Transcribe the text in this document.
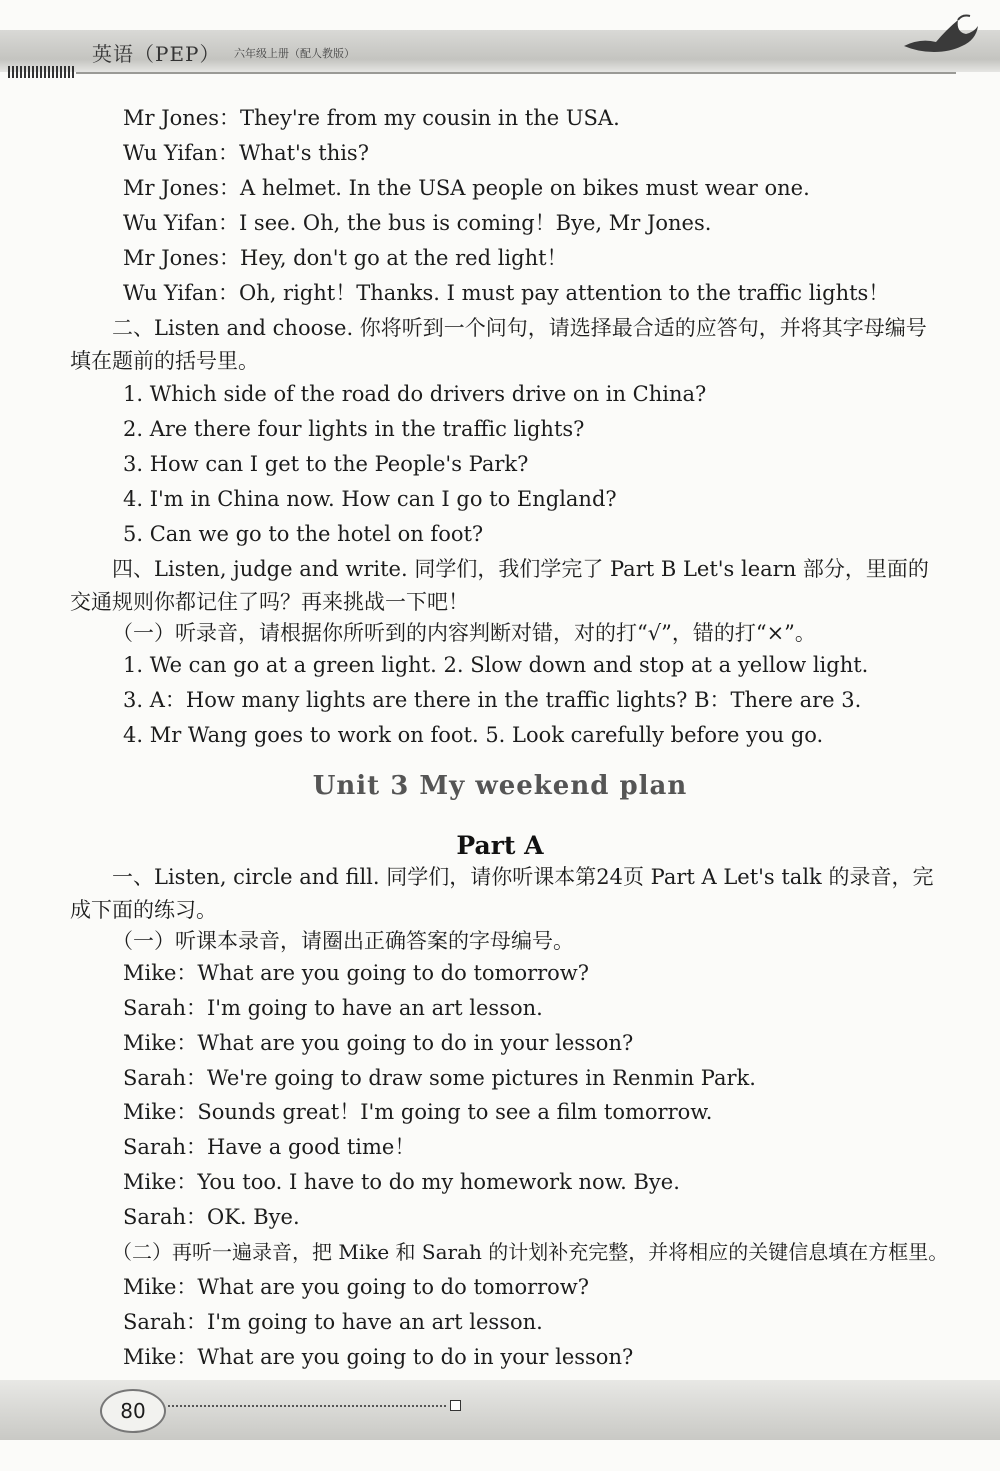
英语（PEP） 六年级上册（配人教版）
Mr Jones：They're from my cousin in the USA.
Wu Yifan：What's this?
Mr Jones：A helmet. In the USA people on bikes must wear one.
Wu Yifan：I see. Oh, the bus is coming！Bye, Mr Jones.
Mr Jones：Hey, don't go at the red light！
Wu Yifan：Oh, right！Thanks. I must pay attention to the traffic lights！
二、Listen and choose. 你将听到一个问句，请选择最合适的应答句，并将其字母编号
填在题前的括号里。
1. Which side of the road do drivers drive on in China?
2. Are there four lights in the traffic lights?
3. How can I get to the People's Park?
4. I'm in China now. How can I go to England?
5. Can we go to the hotel on foot?
四、Listen, judge and write. 同学们，我们学完了 Part B Let's learn 部分，里面的
交通规则你都记住了吗？再来挑战一下吧！
（一）听录音，请根据你所听到的内容判断对错，对的打“√”，错的打“×”。
1. We can go at a green light. 2. Slow down and stop at a yellow light.
3. A：How many lights are there in the traffic lights? B：There are 3.
4. Mr Wang goes to work on foot. 5. Look carefully before you go.
Unit 3 My weekend plan
Part A
一、Listen, circle and fill. 同学们，请你听课本第24页 Part A Let's talk 的录音，完
成下面的练习。
（一）听课本录音，请圈出正确答案的字母编号。
Mike：What are you going to do tomorrow?
Sarah：I'm going to have an art lesson.
Mike：What are you going to do in your lesson?
Sarah：We're going to draw some pictures in Renmin Park.
Mike：Sounds great！I'm going to see a film tomorrow.
Sarah：Have a good time！
Mike：You too. I have to do my homework now. Bye.
Sarah：OK. Bye.
（二）再听一遍录音，把 Mike 和 Sarah 的计划补充完整，并将相应的关键信息填在方框里。
Mike：What are you going to do tomorrow?
Sarah：I'm going to have an art lesson.
Mike：What are you going to do in your lesson?
80
